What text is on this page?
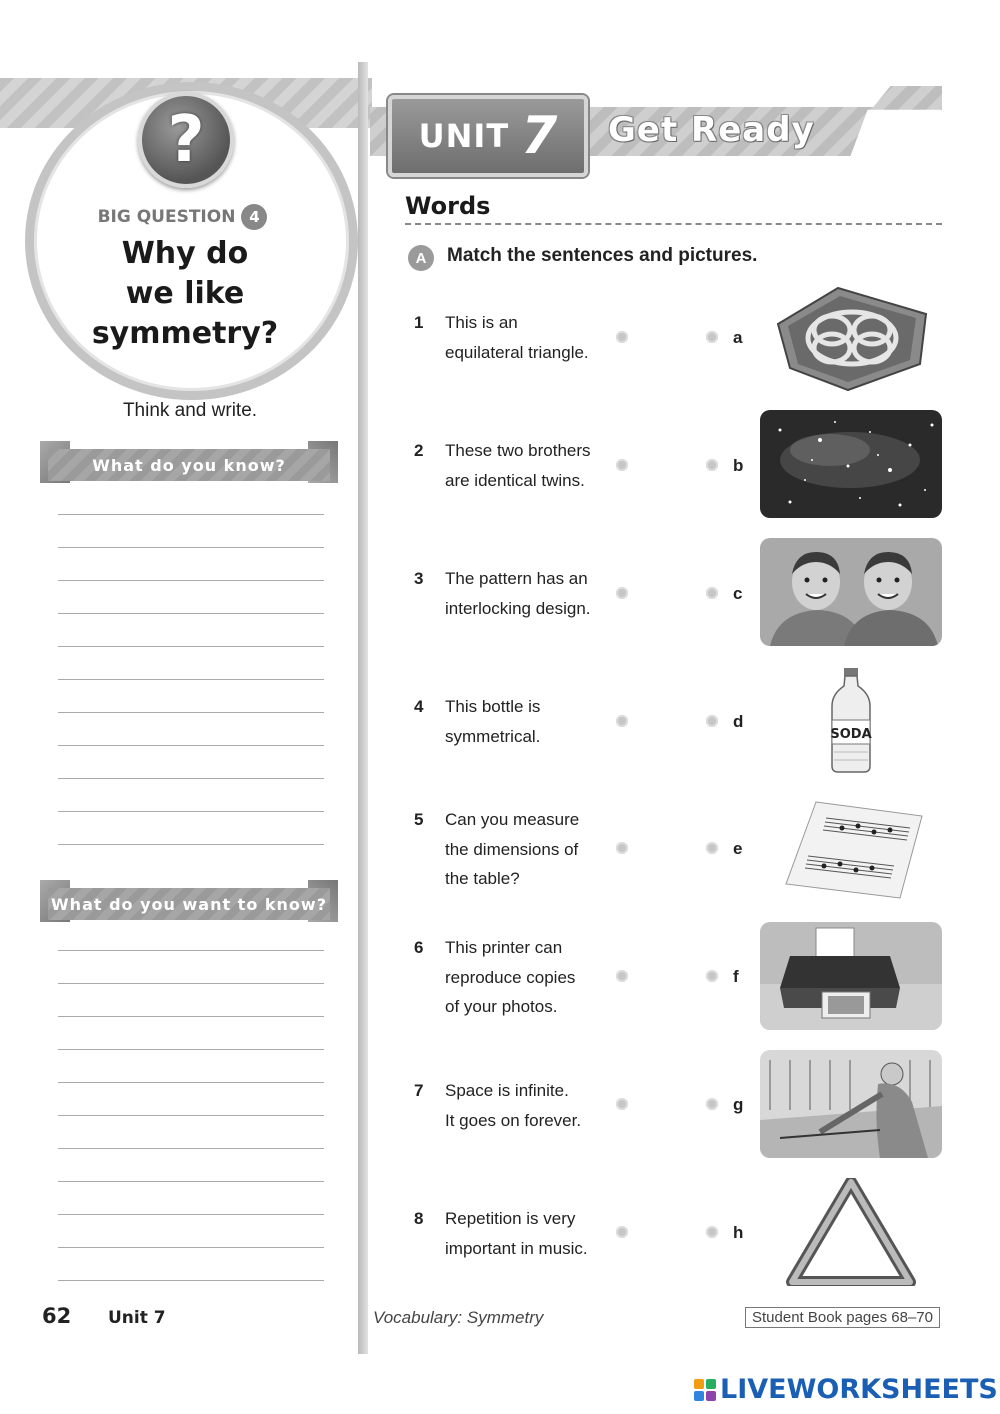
?
BIG QUESTION 4
Why do
we like
symmetry?
Think and write.
What do you know?
What do you want to know?
62 Unit 7
UNIT 7 Get Ready
Words
A	Match the sentences and pictures.
1 This is an
equilateral triangle.
a
2 These two brothers
are identical twins.
b
3 The pattern has an
interlocking design.
c
4 This bottle is
symmetrical.
d
SODA
5 Can you measure
the dimensions of
the table?
e
6 This printer can
reproduce copies
of your photos.
f
7 Space is infinite.
It goes on forever.
g
8 Repetition is very
important in music.
h
Vocabulary: Symmetry	Student Book pages 68–70
LIVEWORKSHEETS
